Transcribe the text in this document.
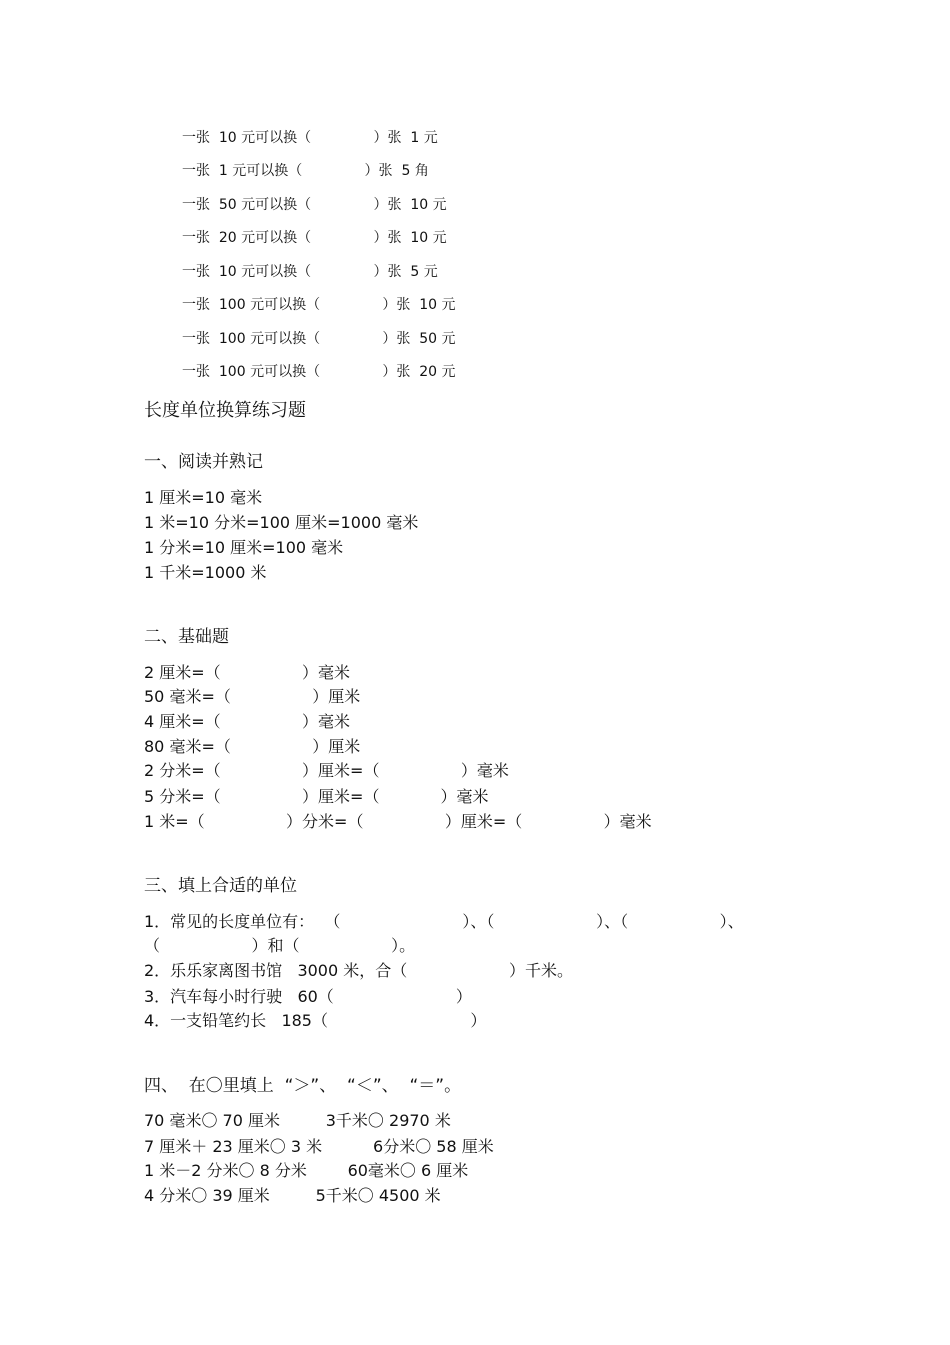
一张  10 元可以换（              ）张  1 元
一张  1 元可以换（              ）张  5 角
一张  50 元可以换（              ）张  10 元
一张  20 元可以换（              ）张  10 元
一张  10 元可以换（              ）张  5 元
一张  100 元可以换（              ）张  10 元
一张  100 元可以换（              ）张  50 元
一张  100 元可以换（              ）张  20 元
长度单位换算练习题
一、阅读并熟记
1 厘米=10 毫米
1 米=10 分米=100 厘米=1000 毫米
1 分米=10 厘米=100 毫米
1 千米=1000 米
二、基础题
2 厘米=（                ）毫米
50 毫米=（                ）厘米
4 厘米=（                ）毫米
80 毫米=（                ）厘米
2 分米=（                ）厘米=（                ）毫米
5 分米=（                ）厘米=（            ）毫米
1 米=（                ）分米=（                ）厘米=（                ）毫米
三、填上合适的单位
1．常见的长度单位有：  （                        ）、（                    ）、（                  ）、
（                  ）和（                  ）。
2．乐乐家离图书馆   3000 米，合（                    ）千米。
3．汽车每小时行驶   60（                        ）
4．一支铅笔约长   185（                            ）
四、  在〇里填上  “＞”、  “＜”、  “＝”。
70 毫米〇 70 厘米         3千米〇 2970 米
7 厘米＋ 23 厘米〇 3 米          6分米〇 58 厘米
1 米－2 分米〇 8 分米        60毫米〇 6 厘米
4 分米〇 39 厘米         5千米〇 4500 米
